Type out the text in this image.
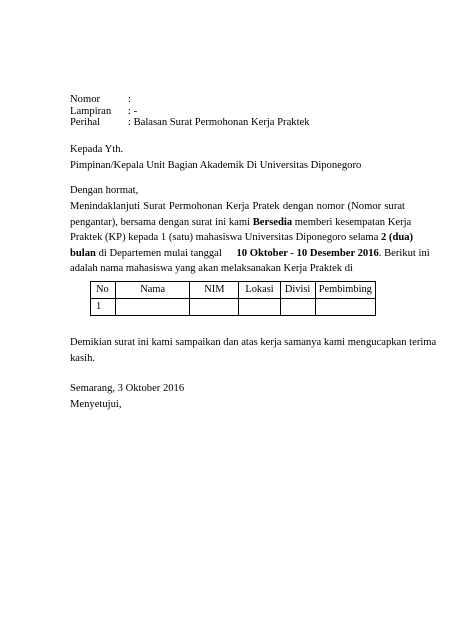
Nomor	:
Lampiran : -
Perihal	: Balasan Surat Permohonan Kerja Praktek
Kepada Yth.
Pimpinan/Kepala Unit Bagian Akademik Di Universitas Diponegoro
Dengan hormat,
Menindaklanjuti Surat Permohonan Kerja Pratek dengan nomor (Nomor surat
pengantar), bersama dengan surat ini kami Bersedia memberi kesempatan Kerja
Praktek (KP) kepada 1 (satu) mahasiswa Universitas Diponegoro selama 2 (dua)
bulan di Departemen mulai tanggal 10 Oktober - 10 Desember 2016. Berikut ini
adalah nama mahasiswa yang akan melaksanakan Kerja Praktek di
No	Nama	NIM	Lokasi	Divisi	Pembimbing
1					
Demikian surat ini kami sampaikan dan atas kerja samanya kami mengucapkan terima
kasih.
Semarang, 3 Oktober 2016
Menyetujui,
